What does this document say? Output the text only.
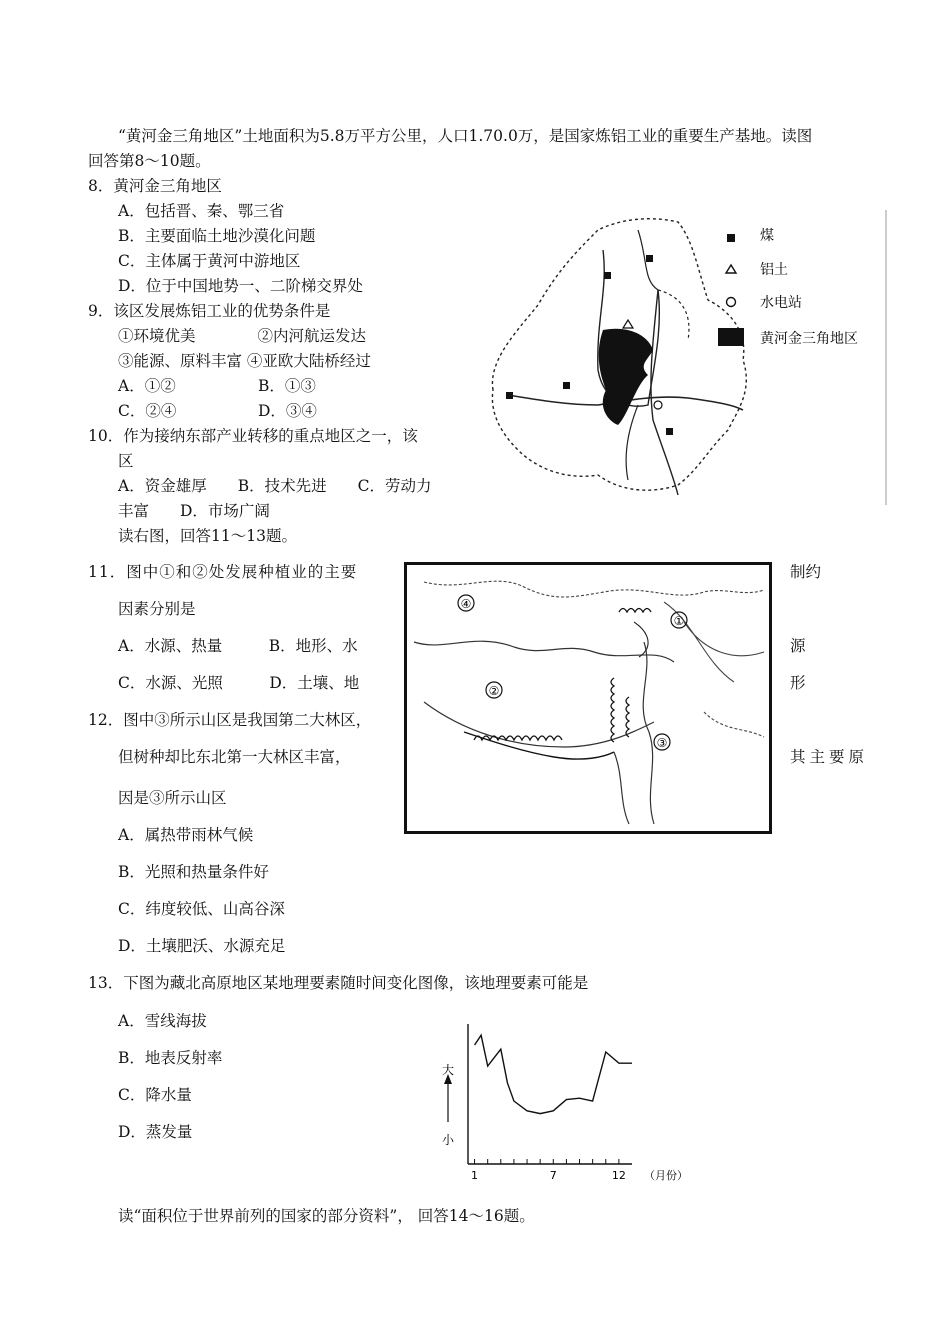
“黄河金三角地区”土地面积为5.8万平方公里，人口1.70.0万，是国家炼铝工业的重要生产基地。读图
回答第8～10题。
8．黄河金三角地区
A．包括晋、秦、鄂三省
B．主要面临土地沙漠化问题
C．主体属于黄河中游地区
D．位于中国地势一、二阶梯交界处
9．该区发展炼铝工业的优势条件是
①环境优美　　　　②内河航运发达
③能源、原料丰富 ④亚欧大陆桥经过
A．①②	B．①③
C．②④	D．③④
10．作为接纳东部产业转移的重点地区之一，该
区
A．资金雄厚　　B．技术先进　　C．劳动力
丰富　　D．市场广阔
读右图，回答11～13题。
煤
铝土
水电站
黄河金三角地区
11．图中①和②处发展种植业的主要	制约
因素分别是
A．水源、热量　　　B．地形、水	源
C．水源、光照　　　D．土壤、地	形
④
②
①
③
12．图中③所示山区是我国第二大林区，
但树种却比东北第一大林区丰富，	其主要原
因是③所示山区
A．属热带雨林气候
B．光照和热量条件好
C．纬度较低、山高谷深
D．土壤肥沃、水源充足
13．下图为藏北高原地区某地理要素随时间变化图像，该地理要素可能是
A．雪线海拔
B．地表反射率
C．降水量
D．蒸发量
大
小
（月份）
1	7	12
读“面积位于世界前列的国家的部分资料”， 回答14～16题。
